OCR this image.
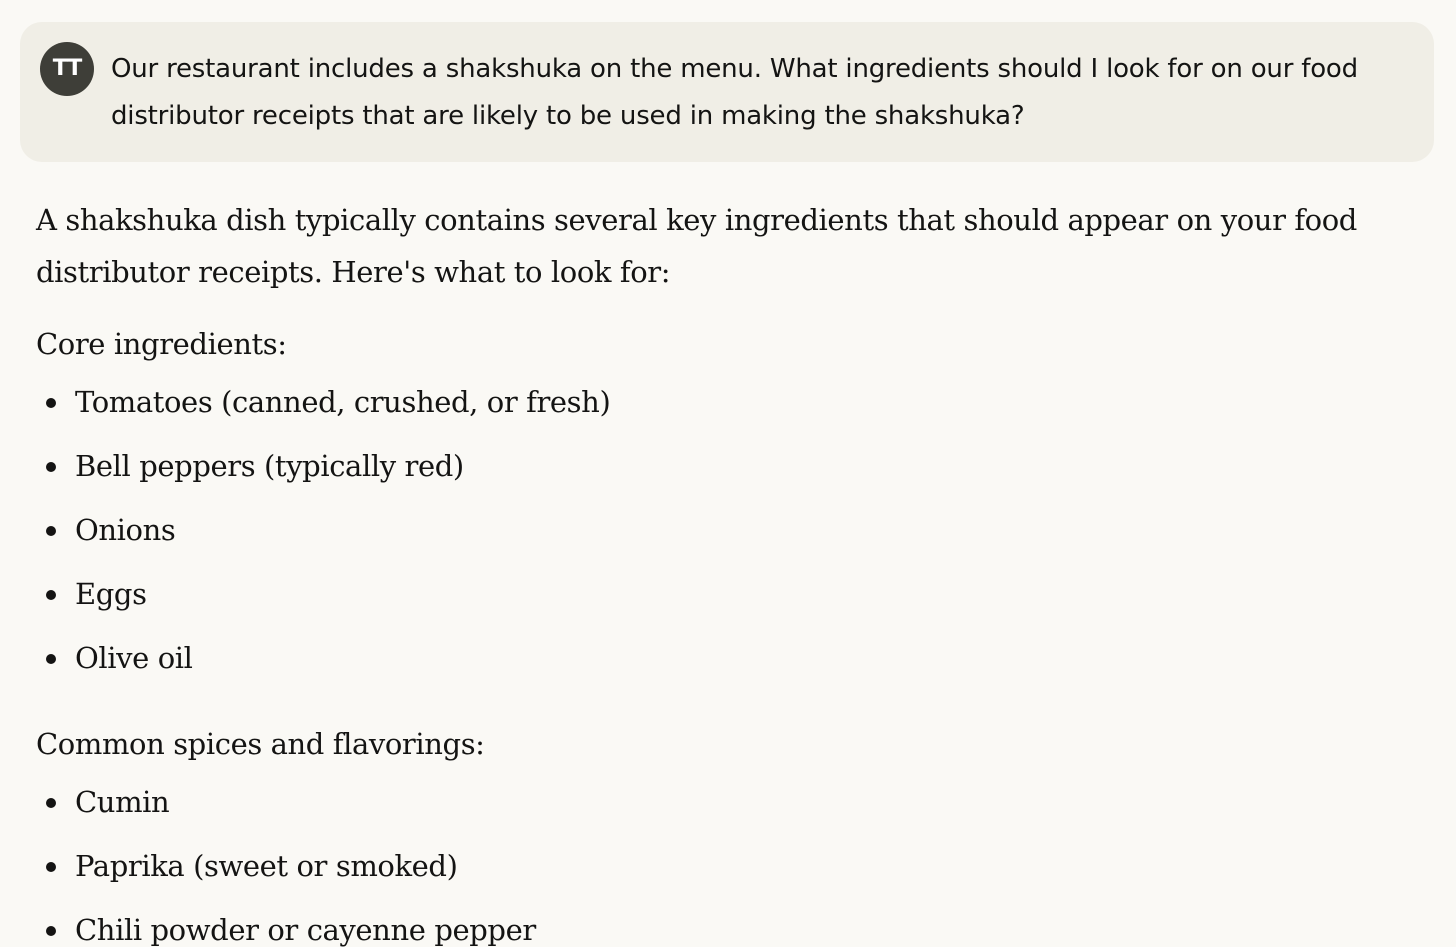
TT	Our restaurant includes a shakshuka on the menu. What ingredients should I look for on our food distributor receipts that are likely to be used in making the shakshuka?

A shakshuka dish typically contains several key ingredients that should appear on your food distributor receipts. Here's what to look for:

Core ingredients:

Tomatoes (canned, crushed, or fresh)
Bell peppers (typically red)
Onions
Eggs
Olive oil

Common spices and flavorings:

Cumin
Paprika (sweet or smoked)
Chili powder or cayenne pepper
